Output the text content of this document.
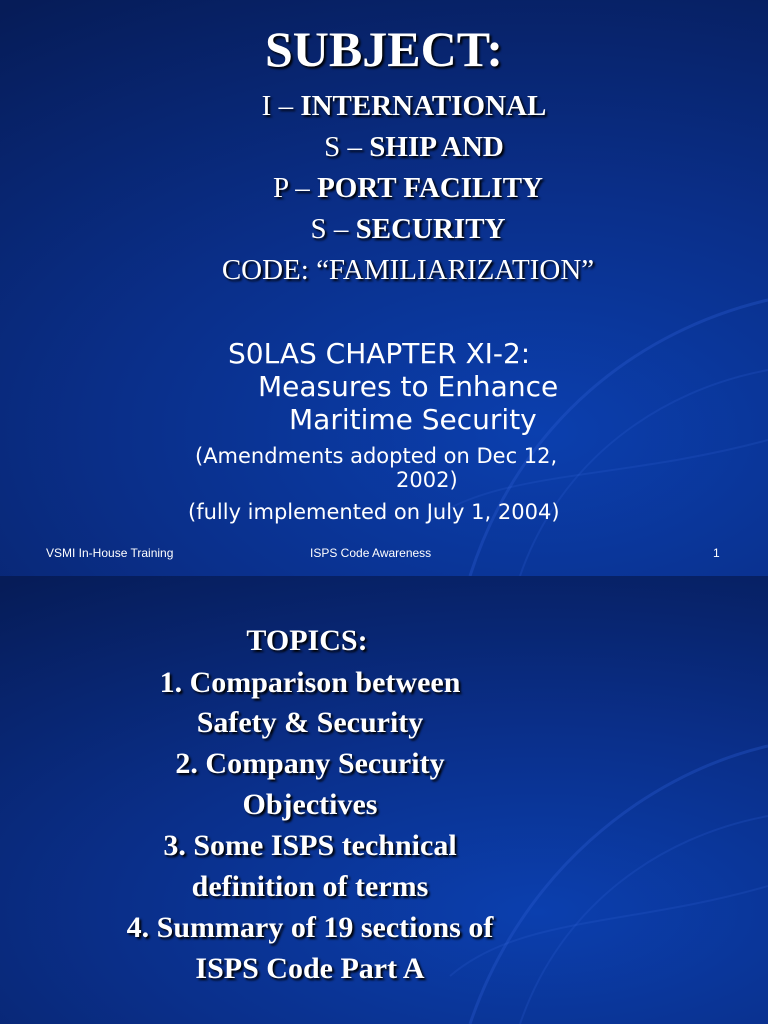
SUBJECT:
I – INTERNATIONAL
S – SHIP AND
P – PORT FACILITY
S – SECURITY
CODE: “FAMILIARIZATION”
S0LAS CHAPTER XI-2:
Measures to Enhance
Maritime Security
(Amendments adopted on Dec 12,
2002)
(fully implemented on July 1, 2004)
VSMI In-House Training	ISPS Code Awareness	1
TOPICS:
1. Comparison between
Safety & Security
2. Company Security
Objectives
3. Some ISPS technical
definition of terms
4. Summary of 19 sections of
ISPS Code Part A
